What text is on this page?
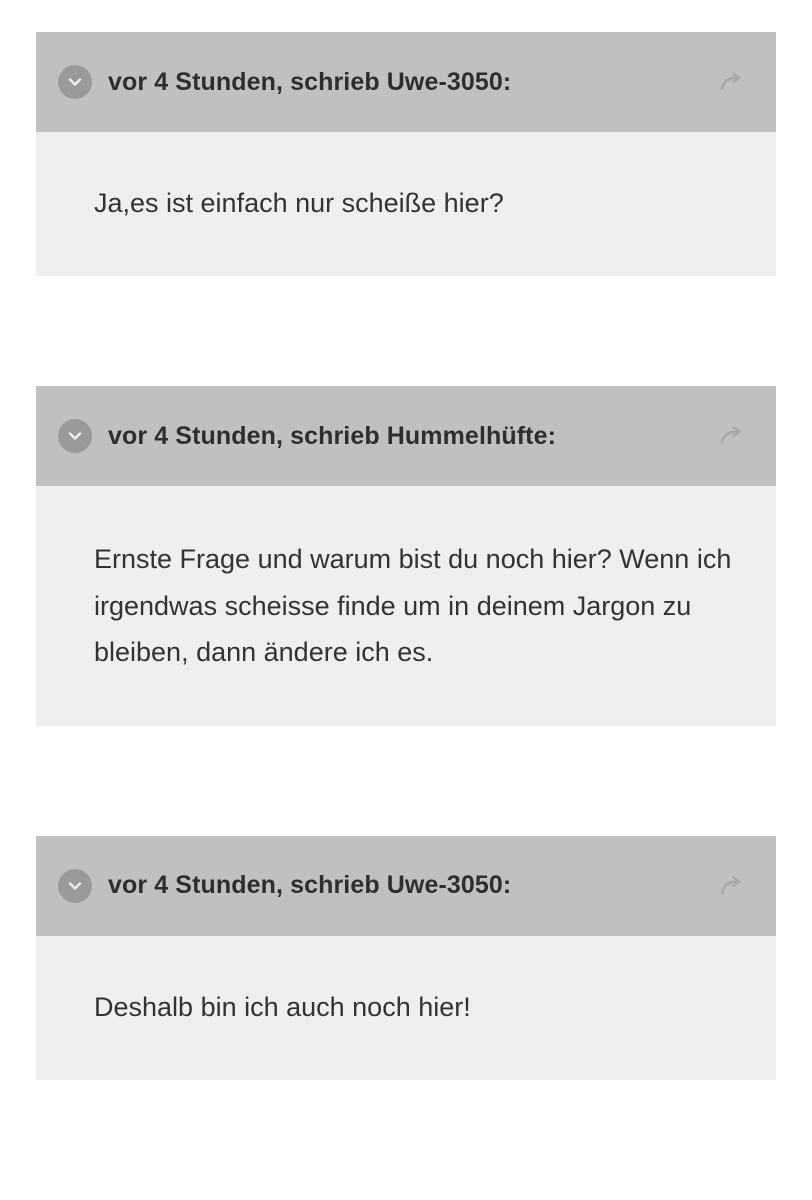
vor 4 Stunden, schrieb Uwe-3050:

Ja,es ist einfach nur scheiße hier?

vor 4 Stunden, schrieb Hummelhüfte:

Ernste Frage und warum bist du noch hier? Wenn ich irgendwas scheisse finde um in deinem Jargon zu bleiben, dann ändere ich es.

vor 4 Stunden, schrieb Uwe-3050:

Deshalb bin ich auch noch hier!
